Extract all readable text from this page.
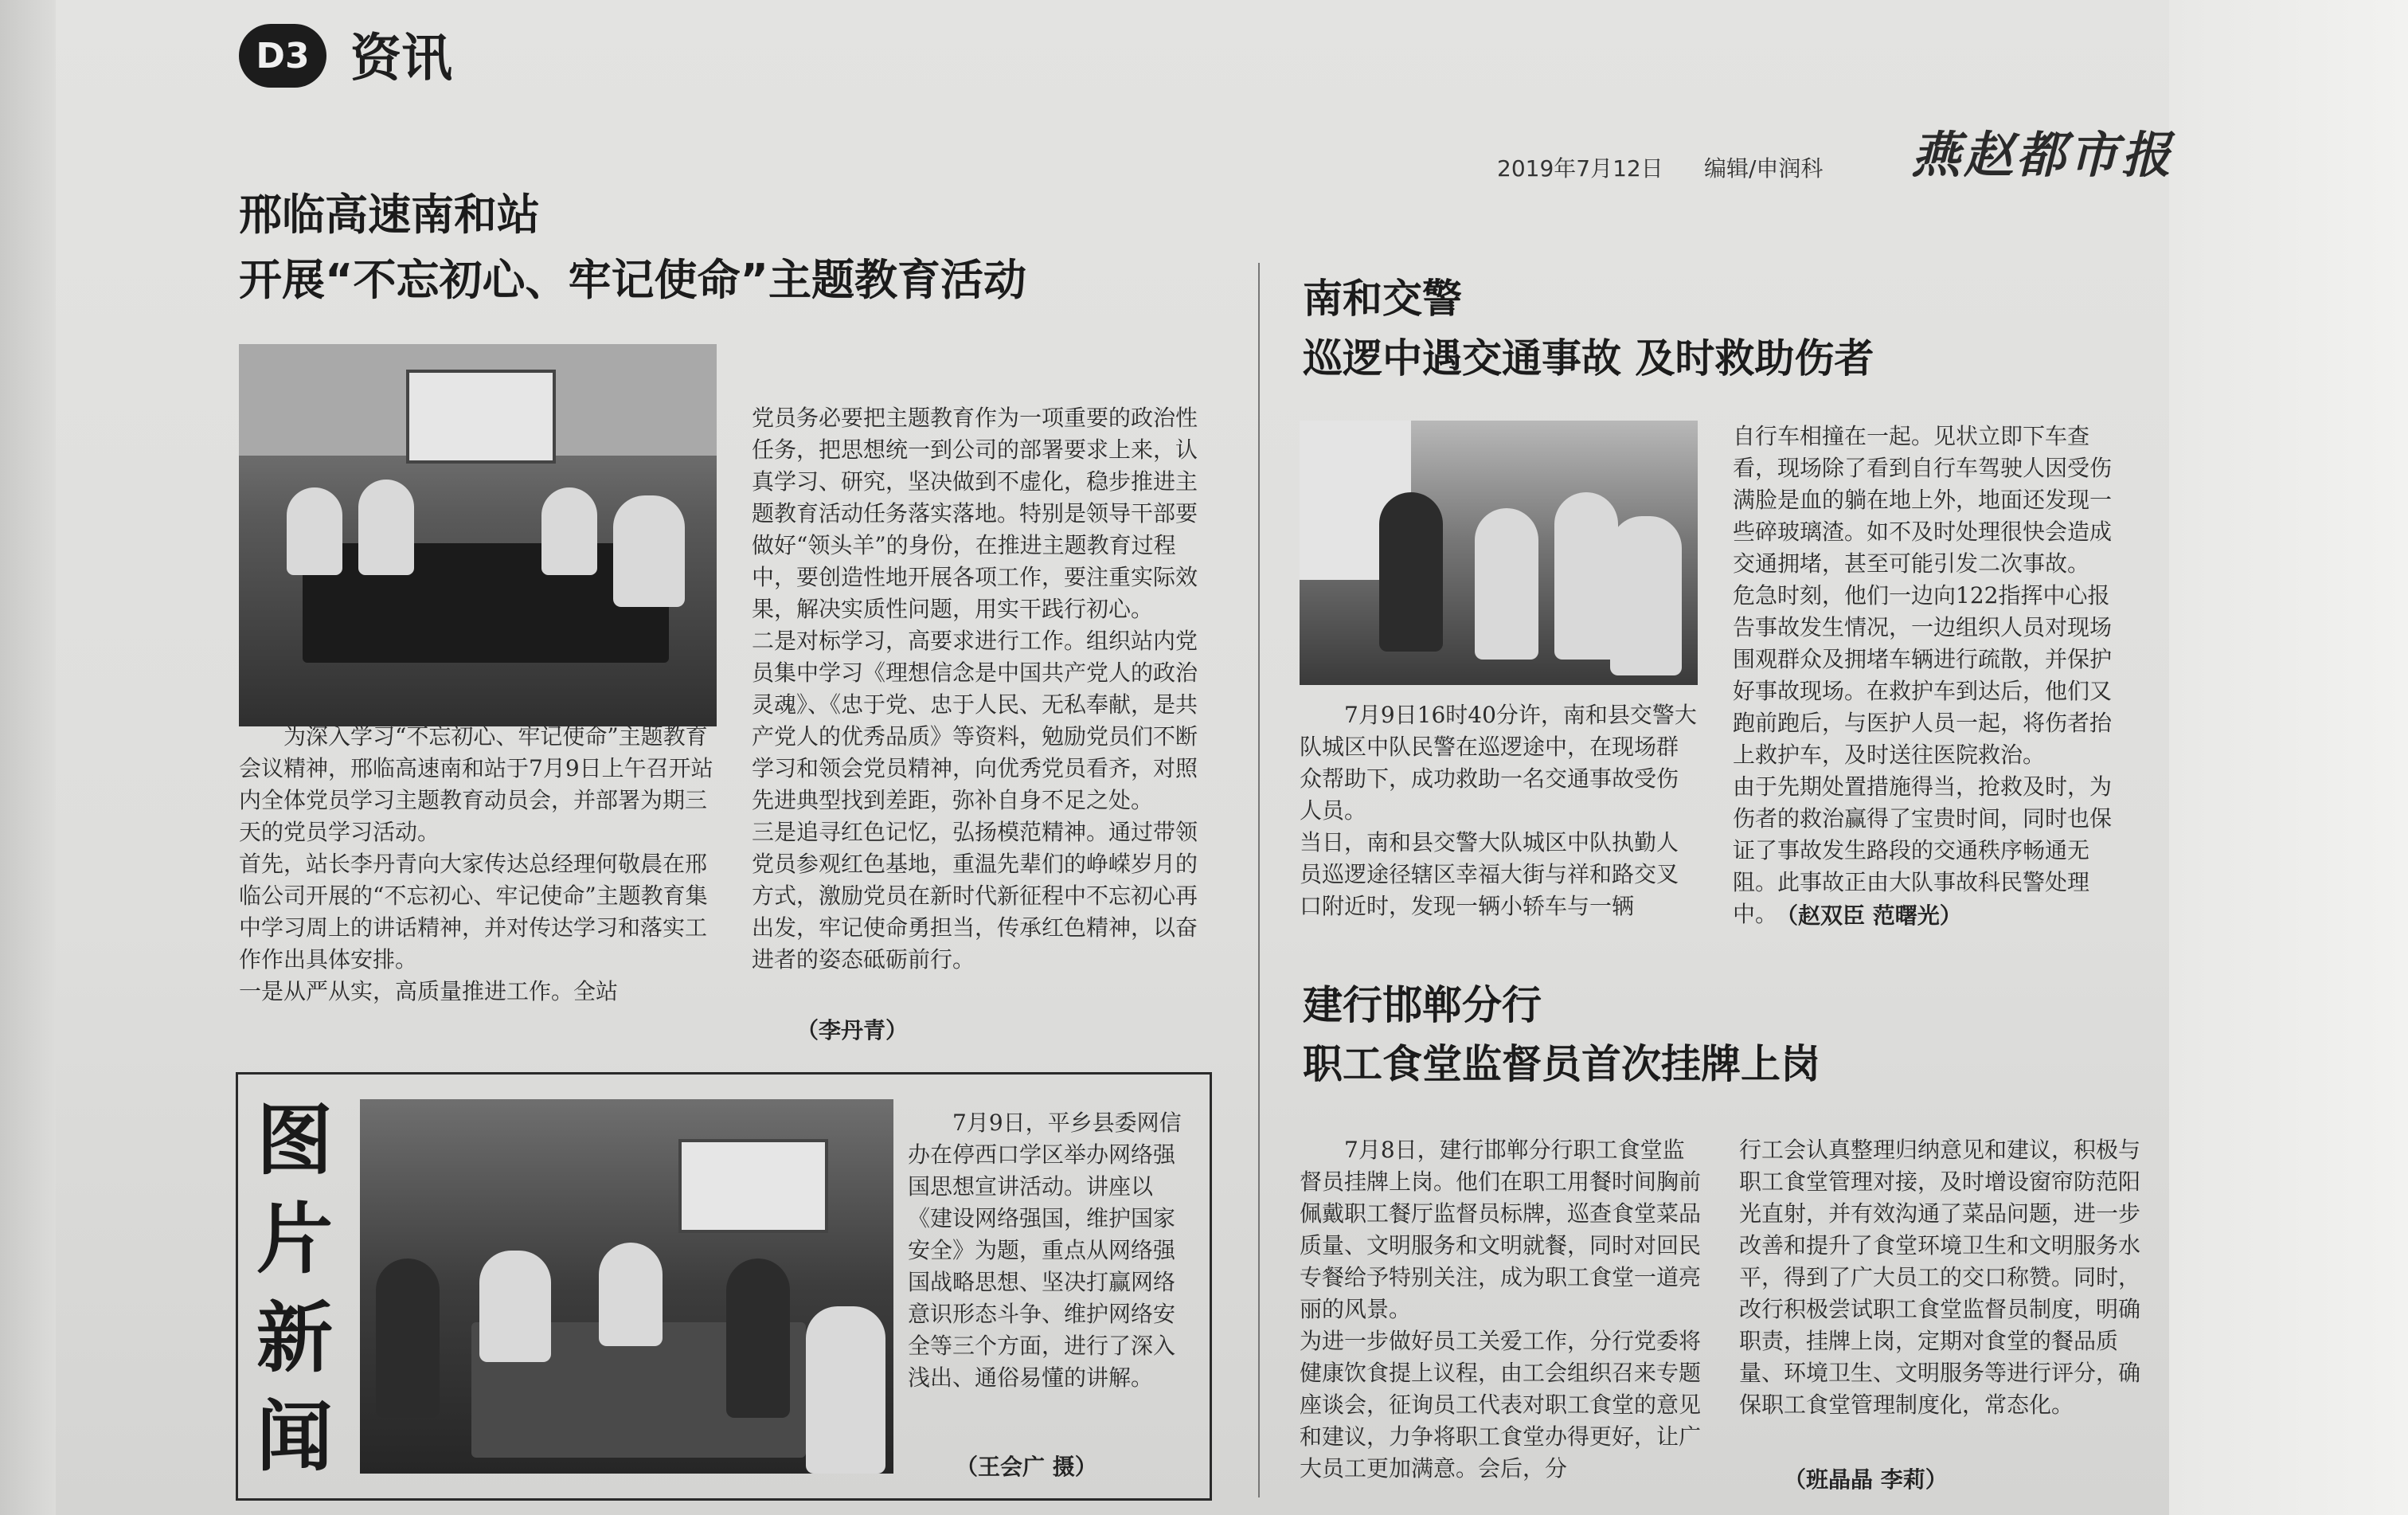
D3 资讯
2019年7月12日 编辑/申润科 燕赵都市报
邢临高速南和站
开展“不忘初心、牢记使命”主题教育活动
为深入学习“不忘初心、牢记使命”主题教育会议精神，邢临高速南和站于7月9日上午召开站内全体党员学习主题教育动员会，并部署为期三天的党员学习活动。
首先，站长李丹青向大家传达总经理何敬晨在邢临公司开展的“不忘初心、牢记使命”主题教育集中学习周上的讲话精神，并对传达学习和落实工作作出具体安排。
一是从严从实，高质量推进工作。全站
党员务必要把主题教育作为一项重要的政治性任务，把思想统一到公司的部署要求上来，认真学习、研究，坚决做到不虚化，稳步推进主题教育活动任务落实落地。特别是领导干部要做好“领头羊”的身份，在推进主题教育过程中，要创造性地开展各项工作，要注重实际效果，解决实质性问题，用实干践行初心。
二是对标学习，高要求进行工作。组织站内党员集中学习《理想信念是中国共产党人的政治灵魂》、《忠于党、忠于人民、无私奉献，是共产党人的优秀品质》等资料，勉励党员们不断学习和领会党员精神，向优秀党员看齐，对照先进典型找到差距，弥补自身不足之处。
三是追寻红色记忆，弘扬模范精神。通过带领党员参观红色基地，重温先辈们的峥嵘岁月的方式，激励党员在新时代新征程中不忘初心再出发，牢记使命勇担当，传承红色精神，以奋进者的姿态砥砺前行。
（李丹青）
南和交警
巡逻中遇交通事故 及时救助伤者
7月9日16时40分许，南和县交警大队城区中队民警在巡逻途中，在现场群众帮助下，成功救助一名交通事故受伤人员。
当日，南和县交警大队城区中队执勤人员巡逻途径辖区幸福大街与祥和路交叉口附近时，发现一辆小轿车与一辆
自行车相撞在一起。见状立即下车查看，现场除了看到自行车驾驶人因受伤满脸是血的躺在地上外，地面还发现一些碎玻璃渣。如不及时处理很快会造成交通拥堵，甚至可能引发二次事故。
危急时刻，他们一边向122指挥中心报告事故发生情况，一边组织人员对现场围观群众及拥堵车辆进行疏散，并保护好事故现场。在救护车到达后，他们又跑前跑后，与医护人员一起，将伤者抬上救护车，及时送往医院救治。
由于先期处置措施得当，抢救及时，为伤者的救治赢得了宝贵时间，同时也保证了事故发生路段的交通秩序畅通无阻。此事故正由大队事故科民警处理中。
（赵双臣 范曙光）
建行邯郸分行
职工食堂监督员首次挂牌上岗
7月8日，建行邯郸分行职工食堂监督员挂牌上岗。他们在职工用餐时间胸前佩戴职工餐厅监督员标牌，巡查食堂菜品质量、文明服务和文明就餐，同时对回民专餐给予特别关注，成为职工食堂一道亮丽的风景。
为进一步做好员工关爱工作，分行党委将健康饮食提上议程，由工会组织召来专题座谈会，征询员工代表对职工食堂的意见和建议，力争将职工食堂办得更好，让广大员工更加满意。会后，分
行工会认真整理归纳意见和建议，积极与职工食堂管理对接，及时增设窗帘防范阳光直射，并有效沟通了菜品问题，进一步改善和提升了食堂环境卫生和文明服务水平，得到了广大员工的交口称赞。同时，改行积极尝试职工食堂监督员制度，明确职责，挂牌上岗，定期对食堂的餐品质量、环境卫生、文明服务等进行评分，确保职工食堂管理制度化，常态化。
（班晶晶 李莉）
图
片
新
闻
7月9日，平乡县委网信办在停西口学区举办网络强国思想宣讲活动。讲座以《建设网络强国，维护国家安全》为题，重点从网络强国战略思想、坚决打赢网络意识形态斗争、维护网络安全等三个方面，进行了深入浅出、通俗易懂的讲解。
（王会广 摄）
